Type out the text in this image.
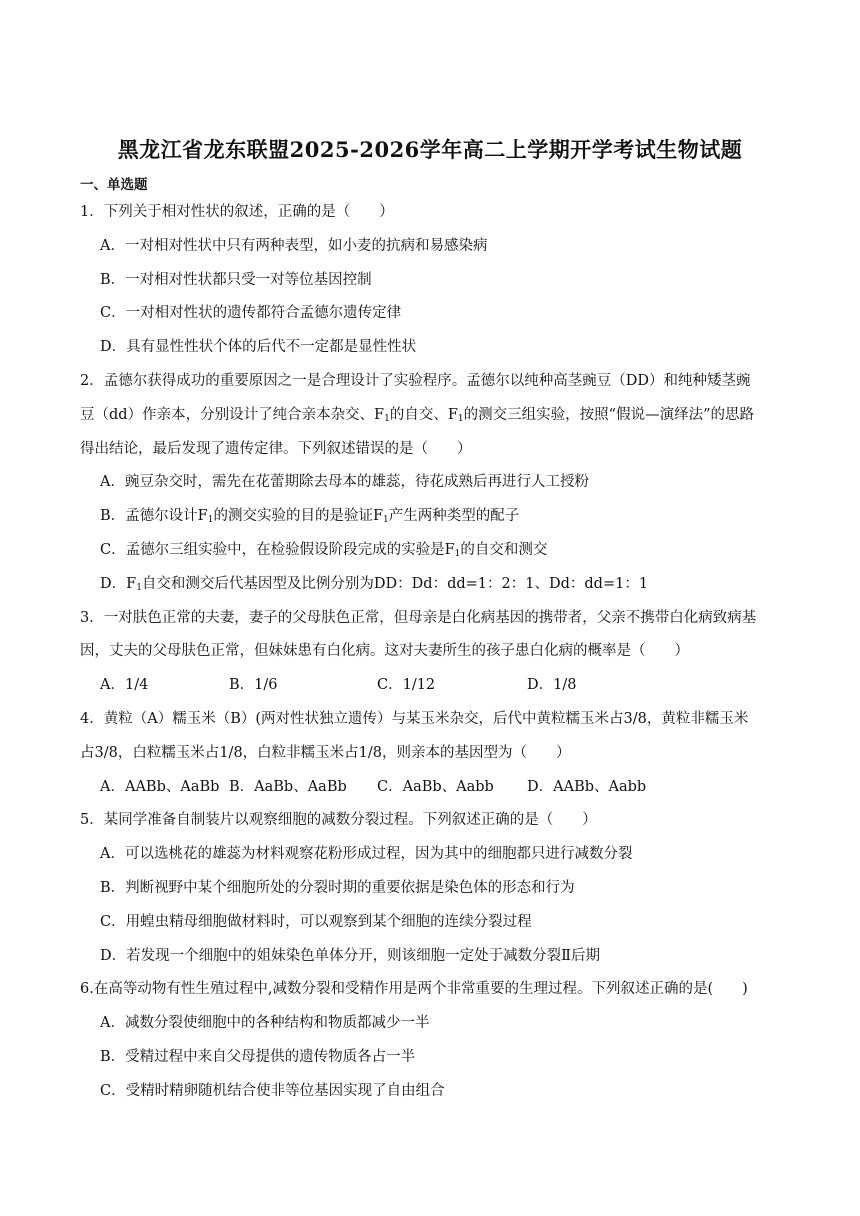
黑龙江省龙东联盟2025-2026学年高二上学期开学考试生物试题
一、单选题
1．下列关于相对性状的叙述，正确的是（　　）
A．一对相对性状中只有两种表型，如小麦的抗病和易感染病
B．一对相对性状都只受一对等位基因控制
C．一对相对性状的遗传都符合孟德尔遗传定律
D．具有显性性状个体的后代不一定都是显性性状
2．孟德尔获得成功的重要原因之一是合理设计了实验程序。孟德尔以纯种高茎豌豆（DD）和纯种矮茎豌
豆（dd）作亲本，分别设计了纯合亲本杂交、$F_1$的自交、$F_1$的测交三组实验，按照“假说—演绎法”的思路
得出结论，最后发现了遗传定律。下列叙述错误的是（　　）
A．豌豆杂交时，需先在花蕾期除去母本的雄蕊，待花成熟后再进行人工授粉
B．孟德尔设计$F_1$的测交实验的目的是验证$F_1$产生两种类型的配子
C．孟德尔三组实验中，在检验假设阶段完成的实验是$F_1$的自交和测交
D．$F_1$自交和测交后代基因型及比例分别为DD：Dd：dd=1：2：1、Dd：dd=1：1
3．一对肤色正常的夫妻，妻子的父母肤色正常，但母亲是白化病基因的携带者，父亲不携带白化病致病基
因，丈夫的父母肤色正常，但妹妹患有白化病。这对夫妻所生的孩子患白化病的概率是（　　）
A．1/4	B．1/6	C．1/12	D．1/8
4．黄粒（A）糯玉米（B）(两对性状独立遗传）与某玉米杂交，后代中黄粒糯玉米占3/8，黄粒非糯玉米
占3/8，白粒糯玉米占1/8，白粒非糯玉米占1/8，则亲本的基因型为（　　）
A．AABb、AaBb B．AaBb、AaBb C．AaBb、Aabb D．AABb、Aabb
5．某同学准备自制装片以观察细胞的减数分裂过程。下列叙述正确的是（　　）
A．可以选桃花的雄蕊为材料观察花粉形成过程，因为其中的细胞都只进行减数分裂
B．判断视野中某个细胞所处的分裂时期的重要依据是染色体的形态和行为
C．用蝗虫精母细胞做材料时，可以观察到某个细胞的连续分裂过程
D．若发现一个细胞中的姐妹染色单体分开，则该细胞一定处于减数分裂Ⅱ后期
6.在高等动物有性生殖过程中,减数分裂和受精作用是两个非常重要的生理过程。下列叙述正确的是(　　)
A．减数分裂使细胞中的各种结构和物质都减少一半
B．受精过程中来自父母提供的遗传物质各占一半
C．受精时精卵随机结合使非等位基因实现了自由组合
